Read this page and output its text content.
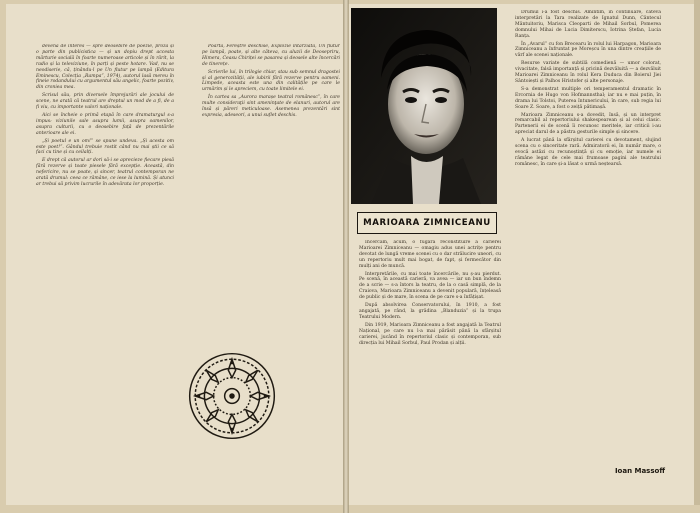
devenă de interes — spre deosebire de poezie, proza și o parte din publicistica — și un dopiu drept accesta mărturie socială în foarte numeroase articole și în rărit, la radio și la televiziune, în parți și peste hotare. Vad, nu se neodiserie, că, ținându-l pe Un flutur pe lampă (Editura Eminescu, Colecția „Rampa”, 1974), autorul lasă mereu în fineie rodandului cu argumentul său angelic, foarte pozitiv, din croniea mea.

Scrisul său, prin diversele împrejurări ale jocului de scene, ne arată că teatrul are dreptul un mod de a fi, de a fi viu, cu importante valori naționale.

Aici se încheie o primă etapă în care dramaturgul s-a impus: viziunile sale asupra lumii, asupra oamenilor, asupra culturii, cu o deosebire față de prezentările anterioare ale ei.

„Și poetul e un om!” se spune undeva. „Și acesta om este poet!”. Gândul trebuie rostit când nu mai știi ce să faci cu tine și cu ceilalți.

E drept că autorul ar dori să-i se aprecieze fiecare piesă fără rezerve și toate piesele fără excepție. Această, din nefericire, nu se poate, și sincer, teatrul contemporan ne arată drumul: ceea ce rămâne, ce iese la lumină. Și atunci ar trebui să privim lucrurile în adevărata lor proporție.

Poartă, Fereștre deschise, Explozie întârziată, Un flutur pe lampă, poate, și alte câteva, cu aluzii de Deosepriru, Himera, Ceasu Chiriței se pasarea și deosele alte încercări de tinerețe.

Scrierile lui, în trilogie chiar, stau sub semnul dragostei și al generozității, ale iubirii fără rezerve pentru oameni. Limpede, aceasta este una din calitățile pe care le urmărim și le apreciem, cu toate limitele ei.

În cartea sa „Aurora marașe teatral românesc”, în care multe consideraţii sint ameninţate de elanuri, autorul are însă și păreri meticuloase. Asemenea prezentări sint expresia, adeseori, a unui suflet deschis.

MARIOARA ZIMNICEANU

Încercăm, acum, o fugară reconstituire a carierei Marioarei Zimniceanu — omagiu adus unei actrițe pentru devotat de lungă vreme scenei cu o dar strălucire uneori, cu un repertoriu mult mai bogat, de fapt, și fermecător din mulți ani de muncă.

Interpretările, cu mai toate încercările, nu ș-au pierdut. Pe scenă, în această carieră, va avea — iar un bun îndemn de a scrie — s-a întors la teatru, de la o casă simplă, de la Craiova, Marioara Zimniceanu a devenit populară, înțeleasă de public și de mare, în scena de pe care s-a înfățișat.

După absolvirea Conservatorului, în 1910, a fost angajată, pe rând, la grădina „Blanduzia” și la trupa Teatrului Modern.

Din 1919, Marioara Zimniceanu a fost angajată la Teatrul Național, pe care nu l-a mai părăsit până la sfârșitul carierei, jucând în repertoriul clasic și contemporan, sub direcția lui Mihail Sorbul, Paul Prodan și alții.

Drumul i-a fost deschis. Amintim, în continuare, câteva interpretări la Tara realizate de Ignatul Dunn, Cântecul Mântuitoriu, Marisca Cleoparti de Mihail Sorbul, Pomerea domnului Mihai de Lucia Dimiterscu, Iotrina Ștefan, Lucia Ranța.

În „Avarul” cu fon Brecearu în rolul lui Harpagon, Marioara Zimniceanu a înfruntat pe Moreșcu în una dintre creațiile de vârf ale scenei naționale.

Resurse variate de subtilă comedienă — umor colorat, vivacitate, falsă importanță și pricină dezvăluită — a dezvăluit Marioarei Zimniceanu în rolul Kera Duduca din Boierul Jiei Sântoiești și Palhos Hristofer și alte personaje.

S-a demonstrat multiple ori temperamentul dramatic în Ercornia de Hugo von Hofmannsthal; iar nu e mai puțin, în drama lui Tolstoi, Puterea întunericului, în care, sub regia lui Soare Z. Soare, a fost o zeiță pătimașă.

Marioara Zimniceanu s-a dovedit, însă, și un interpret remarcabil al repertoriului shakespearean și al celui clasic. Partenerii ei de scenă îi recunosc meritele, iar criticii i-au apreciat darul de a păstra gesturile simple și sincere.

A lucrat până la sfârșitul carierei cu devotament, slujind scena cu o sinceritate rară. Admiratorii ei, în număr mare, o evocă astăzi cu recunoștință și cu emoție, iar numele ei rămâne legat de cele mai frumoase pagini ale teatrului românesc, în care și-a lăsat o urmă neștearsă.

Ioan Massoff
